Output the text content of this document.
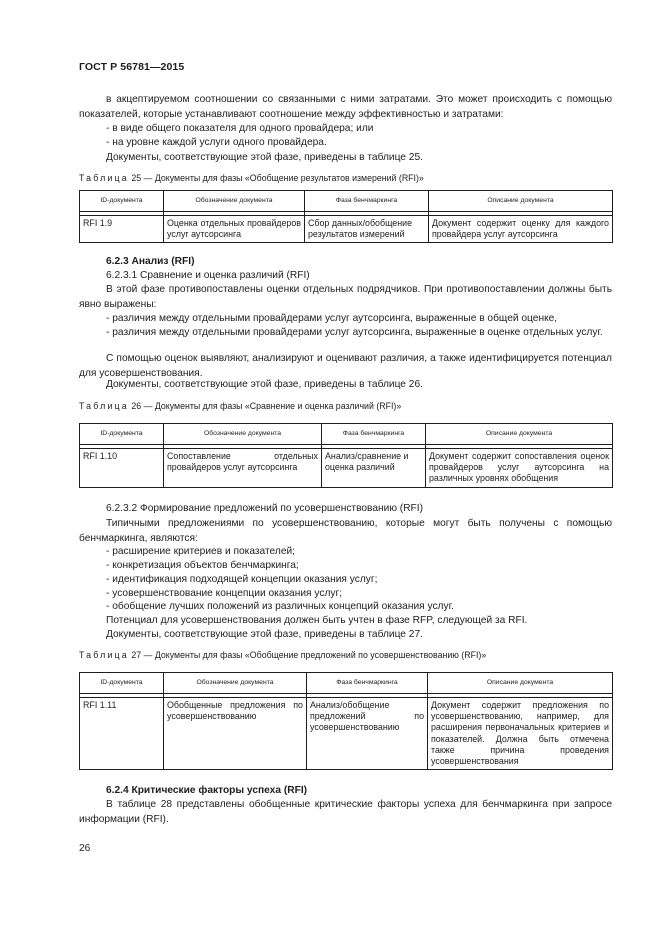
ГОСТ Р 56781—2015

в акцептируемом соотношении со связанными с ними затратами. Это может происходить с помощью показателей, которые устанавливают соотношение между эффективностью и затратами:

- в виде общего показателя для одного провайдера; или

- на уровне каждой услуги одного провайдера.

Документы, соответствующие этой фазе, приведены в таблице 25.

Таблица 25 — Документы для фазы «Обобщение результатов измерений (RFI)»
ID-документа	Обозначение документа	Фаза бенчмаркинга	Описание документа

RFI 1.9	Оценка отдельных провайдеров услуг аутсорсинга	Сбор данных/обобщение результатов измерений	Документ содержит оценку для каждого провайдера услуг аутсорсинга

6.2.3 Анализ (RFI)

6.2.3.1 Сравнение и оценка различий (RFI)

В этой фазе противопоставлены оценки отдельных подрядчиков. При противопоставлении должны быть явно выражены:

- различия между отдельными провайдерами услуг аутсорсинга, выраженные в общей оценке,

- различия между отдельными провайдерами услуг аутсорсинга, выраженные в оценке отдельных услуг.

С помощью оценок выявляют, анализируют и оценивают различия, а также идентифицируется потенциал для усовершенствования.

Документы, соответствующие этой фазе, приведены в таблице 26.

Таблица 26 — Документы для фазы «Сравнение и оценка различий (RFI)»
ID-документа	Обозначение документа	Фаза бенчмаркинга	Описание документа

RFI 1.10	Сопоставление отдельных провайдеров услуг аутсорсинга	Анализ/сравнение и оценка различий	Документ содержит сопоставления оценок провайдеров услуг аутсорсинга на различных уровнях обобщения

6.2.3.2 Формирование предложений по усовершенствованию (RFI)

Типичными предложениями по усовершенствованию, которые могут быть получены с помощью бенчмаркинга, являются:

- расширение критериев и показателей;

- конкретизация объектов бенчмаркинга;

- идентификация подходящей концепции оказания услуг;

- усовершенствование концепции оказания услуг;

- обобщение лучших положений из различных концепций оказания услуг.

Потенциал для усовершенствования должен быть учтен в фазе RFP, следующей за RFI.

Документы, соответствующие этой фазе, приведены в таблице 27.

Таблица 27 — Документы для фазы «Обобщение предложений по усовершенствованию (RFI)»
ID-документа	Обозначение документа	Фаза бенчмаркинга	Описание документа

RFI 1.11	Обобщенные предложения по усовершенствованию	Анализ/обобщение предложений по усовершенствованию	Документ содержит предложения по усовершенствованию, например, для расширения первоначальных критериев и показателей. Должна быть отмечена также причина проведения усовершенствования

6.2.4 Критические факторы успеха (RFI)

В таблице 28 представлены обобщенные критические факторы успеха для бенчмаркинга при запросе информации (RFI).

26
